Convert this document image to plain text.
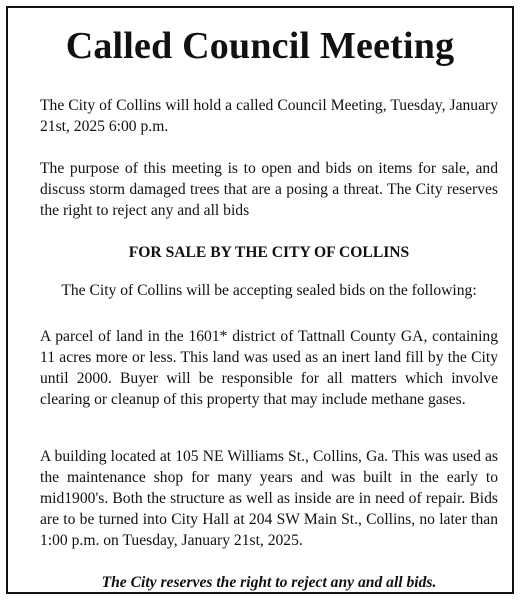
Called Council Meeting

The City of Collins will hold a called Council Meeting, Tuesday, January 21st, 2025 6:00 p.m.

The purpose of this meeting is to open and bids on items for sale, and discuss storm damaged trees that are a posing a threat. The City reserves the right to reject any and all bids

FOR SALE BY THE CITY OF COLLINS

The City of Collins will be accepting sealed bids on the following:

A parcel of land in the 1601* district of Tattnall County GA, containing 11 acres more or less. This land was used as an inert land fill by the City until 2000. Buyer will be responsible for all matters which involve clearing or cleanup of this property that may include methane gases.

A building located at 105 NE Williams St., Collins, Ga. This was used as the maintenance shop for many years and was built in the early to mid1900's. Both the structure as well as inside are in need of repair. Bids are to be turned into City Hall at 204 SW Main St., Collins, no later than 1:00 p.m. on Tuesday, January 21st, 2025.

The City reserves the right to reject any and all bids.
